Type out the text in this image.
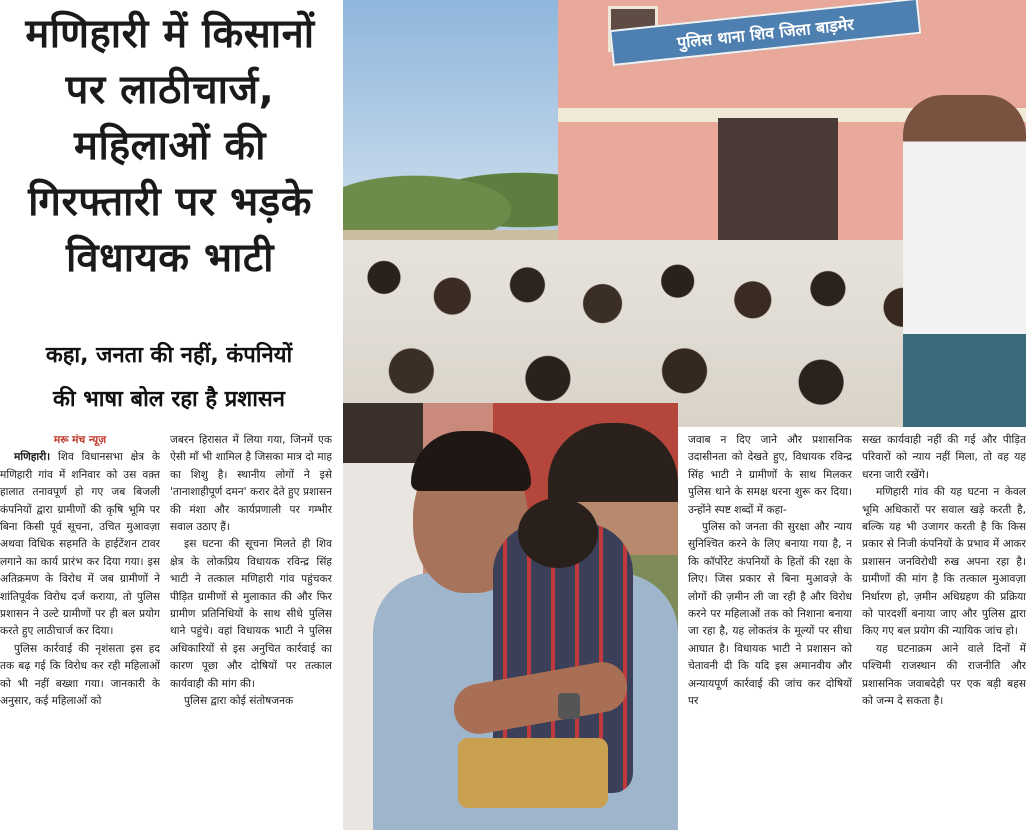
मणिहारी में किसानों
पर लाठीचार्ज,
महिलाओं की
गिरफ्तारी पर भड़के
विधायक भाटी
कहा, जनता की नहीं, कंपनियों
की भाषा बोल रहा है प्रशासन
पुलिस थाना शिव जिला बाड़मेर

मरू मंच न्यूज़

मणिहारी। शिव विधानसभा क्षेत्र के मणिहारी गांव में शनिवार को उस वक़्त हालात तनावपूर्ण हो गए जब बिजली कंपनियों द्वारा ग्रामीणों की कृषि भूमि पर बिना किसी पूर्व सूचना, उचित मुआवज़ा अथवा विधिक सहमति के हाईटेंशन टावर लगाने का कार्य प्रारंभ कर दिया गया। इस अतिक्रमण के विरोध में जब ग्रामीणों ने शांतिपूर्वक विरोध दर्ज कराया, तो पुलिस प्रशासन ने उल्टे ग्रामीणों पर ही बल प्रयोग करते हुए लाठीचार्ज कर दिया।

पुलिस कार्रवाई की नृशंसता इस हद तक बढ़ गई कि विरोध कर रही महिलाओं को भी नहीं बख्शा गया। जानकारी के अनुसार, कई महिलाओं को

जबरन हिरासत में लिया गया, जिनमें एक ऐसी माँ भी शामिल है जिसका मात्र दो माह का शिशु है। स्थानीय लोगों ने इसे 'तानाशाहीपूर्ण दमन' करार देते हुए प्रशासन की मंशा और कार्यप्रणाली पर गम्भीर सवाल उठाए हैं।

इस घटना की सूचना मिलते ही शिव क्षेत्र के लोकप्रिय विधायक रविन्द्र सिंह भाटी ने तत्काल मणिहारी गांव पहुंचकर पीड़ित ग्रामीणों से मुलाकात की और फिर ग्रामीण प्रतिनिधियों के साथ सीधे पुलिस थाने पहुंचे। वहां विधायक भाटी ने पुलिस अधिकारियों से इस अनुचित कार्रवाई का कारण पूछा और दोषियों पर तत्काल कार्यवाही की मांग की।

पुलिस द्वारा कोई संतोषजनक

जवाब न दिए जाने और प्रशासनिक उदासीनता को देखते हुए, विधायक रविन्द्र सिंह भाटी ने ग्रामीणों के साथ मिलकर पुलिस थाने के समक्ष धरना शुरू कर दिया। उन्होंने स्पष्ट शब्दों में कहा-

पुलिस को जनता की सुरक्षा और न्याय सुनिश्चित करने के लिए बनाया गया है, न कि कॉर्पोरेट कंपनियों के हितों की रक्षा के लिए। जिस प्रकार से बिना मुआवज़े के लोगों की ज़मीन ली जा रही है और विरोध करने पर महिलाओं तक को निशाना बनाया जा रहा है, यह लोकतंत्र के मूल्यों पर सीधा आघात है। विधायक भाटी ने प्रशासन को चेतावनी दी कि यदि इस अमानवीय और अन्यायपूर्ण कार्रवाई की जांच कर दोषियों पर

सख्त कार्यवाही नहीं की गई और पीड़ित परिवारों को न्याय नहीं मिला, तो वह यह धरना जारी रखेंगे।

मणिहारी गांव की यह घटना न केवल भूमि अधिकारों पर सवाल खड़े करती है, बल्कि यह भी उजागर करती है कि किस प्रकार से निजी कंपनियों के प्रभाव में आकर प्रशासन जनविरोधी रुख अपना रहा है। ग्रामीणों की मांग है कि तत्काल मुआवज़ा निर्धारण हो, ज़मीन अधिग्रहण की प्रक्रिया को पारदर्शी बनाया जाए और पुलिस द्वारा किए गए बल प्रयोग की न्यायिक जांच हो।

यह घटनाक्रम आने वाले दिनों में पश्चिमी राजस्थान की राजनीति और प्रशासनिक जवाबदेही पर एक बड़ी बहस को जन्म दे सकता है।
